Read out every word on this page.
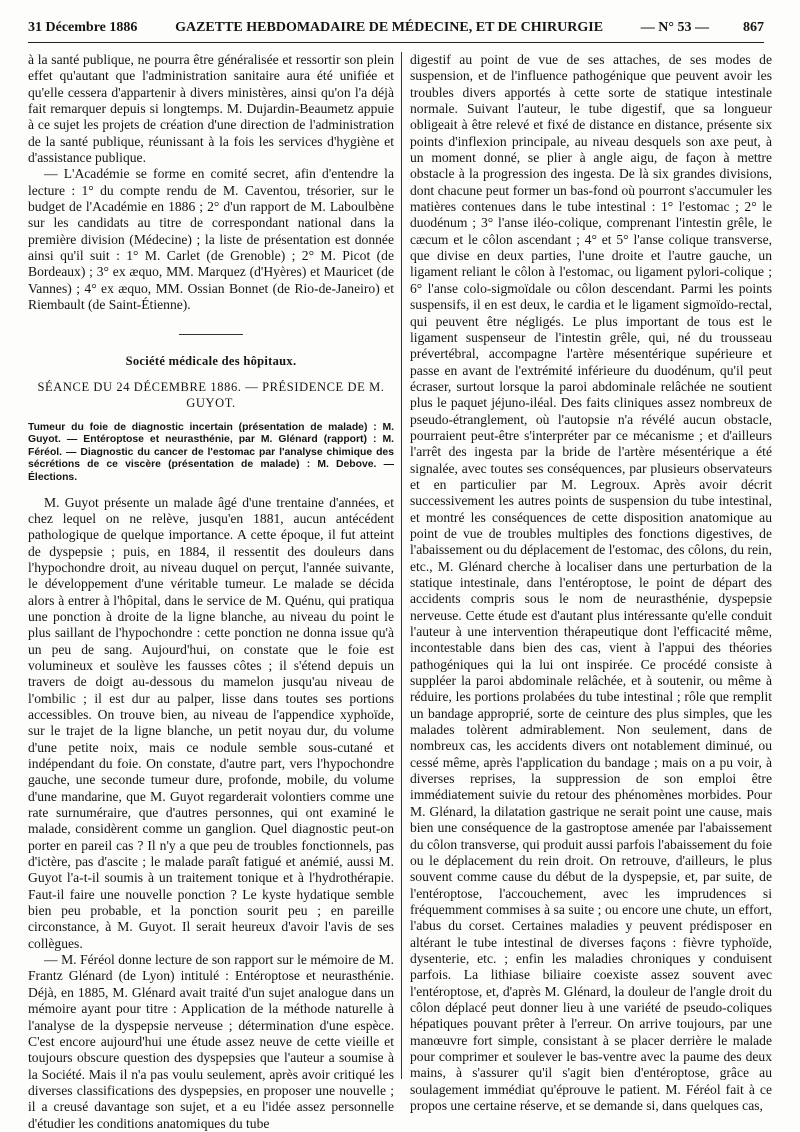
31 Décembre 1886	GAZETTE HEBDOMADAIRE DE MÉDECINE, ET DE CHIRURGIE	— N° 53 — 867

à la santé publique, ne pourra être généralisée et ressortir son plein effet qu'autant que l'administration sanitaire aura été unifiée et qu'elle cessera d'appartenir à divers ministères, ainsi qu'on l'a déjà fait remarquer depuis si longtemps. M. Dujardin-Beaumetz appuie à ce sujet les projets de création d'une direction de l'administration de la santé publique, réunissant à la fois les services d'hygiène et d'assistance publique.

— L'Académie se forme en comité secret, afin d'entendre la lecture : 1° du compte rendu de M. Caventou, trésorier, sur le budget de l'Académie en 1886 ; 2° d'un rapport de M. Laboulbène sur les candidats au titre de correspondant national dans la première division (Médecine) ; la liste de présentation est donnée ainsi qu'il suit : 1° M. Carlet (de Grenoble) ; 2° M. Picot (de Bordeaux) ; 3° ex æquo, MM. Marquez (d'Hyères) et Mauricet (de Vannes) ; 4° ex æquo, MM. Ossian Bonnet (de Rio-de-Janeiro) et Riembault (de Saint-Étienne).

Société médicale des hôpitaux.
SÉANCE DU 24 DÉCEMBRE 1886. — PRÉSIDENCE DE M. GUYOT.
Tumeur du foie de diagnostic incertain (présentation de malade) : M. Guyot. — Entéroptose et neurasthénie, par M. Glénard (rapport) : M. Féréol. — Diagnostic du cancer de l'estomac par l'analyse chimique des sécrétions de ce viscère (présentation de malade) : M. Debove. — Élections.

M. Guyot présente un malade âgé d'une trentaine d'années, et chez lequel on ne relève, jusqu'en 1881, aucun antécédent pathologique de quelque importance. A cette époque, il fut atteint de dyspepsie ; puis, en 1884, il ressentit des douleurs dans l'hypochondre droit, au niveau duquel on perçut, l'année suivante, le développement d'une véritable tumeur. Le malade se décida alors à entrer à l'hôpital, dans le service de M. Quénu, qui pratiqua une ponction à droite de la ligne blanche, au niveau du point le plus saillant de l'hypochondre : cette ponction ne donna issue qu'à un peu de sang. Aujourd'hui, on constate que le foie est volumineux et soulève les fausses côtes ; il s'étend depuis un travers de doigt au-dessous du mamelon jusqu'au niveau de l'ombilic ; il est dur au palper, lisse dans toutes ses portions accessibles. On trouve bien, au niveau de l'appendice xyphoïde, sur le trajet de la ligne blanche, un petit noyau dur, du volume d'une petite noix, mais ce nodule semble sous-cutané et indépendant du foie. On constate, d'autre part, vers l'hypochondre gauche, une seconde tumeur dure, profonde, mobile, du volume d'une mandarine, que M. Guyot regarderait volontiers comme une rate surnuméraire, que d'autres personnes, qui ont examiné le malade, considèrent comme un ganglion. Quel diagnostic peut-on porter en pareil cas ? Il n'y a que peu de troubles fonctionnels, pas d'ictère, pas d'ascite ; le malade paraît fatigué et anémié, aussi M. Guyot l'a-t-il soumis à un traitement tonique et à l'hydrothérapie. Faut-il faire une nouvelle ponction ? Le kyste hydatique semble bien peu probable, et la ponction sourit peu ; en pareille circonstance, à M. Guyot. Il serait heureux d'avoir l'avis de ses collègues.

— M. Féréol donne lecture de son rapport sur le mémoire de M. Frantz Glénard (de Lyon) intitulé : Entéroptose et neurasthénie. Déjà, en 1885, M. Glénard avait traité d'un sujet analogue dans un mémoire ayant pour titre : Application de la méthode naturelle à l'analyse de la dyspepsie nerveuse ; détermination d'une espèce. C'est encore aujourd'hui une étude assez neuve de cette vieille et toujours obscure question des dyspepsies que l'auteur a soumise à la Société. Mais il n'a pas voulu seulement, après avoir critiqué les diverses classifications des dyspepsies, en proposer une nouvelle ; il a creusé davantage son sujet, et a eu l'idée assez personnelle d'étudier les conditions anatomiques du tube

digestif au point de vue de ses attaches, de ses modes de suspension, et de l'influence pathogénique que peuvent avoir les troubles divers apportés à cette sorte de statique intestinale normale. Suivant l'auteur, le tube digestif, que sa longueur obligeait à être relevé et fixé de distance en distance, présente six points d'inflexion principale, au niveau desquels son axe peut, à un moment donné, se plier à angle aigu, de façon à mettre obstacle à la progression des ingesta. De là six grandes divisions, dont chacune peut former un bas-fond où pourront s'accumuler les matières contenues dans le tube intestinal : 1° l'estomac ; 2° le duodénum ; 3° l'anse iléo-colique, comprenant l'intestin grêle, le cæcum et le côlon ascendant ; 4° et 5° l'anse colique transverse, que divise en deux parties, l'une droite et l'autre gauche, un ligament reliant le côlon à l'estomac, ou ligament pylori-colique ; 6° l'anse colo-sigmoïdale ou côlon descendant. Parmi les points suspensifs, il en est deux, le cardia et le ligament sigmoïdo-rectal, qui peuvent être négligés. Le plus important de tous est le ligament suspenseur de l'intestin grêle, qui, né du trousseau prévertébral, accompagne l'artère mésentérique supérieure et passe en avant de l'extrémité inférieure du duodénum, qu'il peut écraser, surtout lorsque la paroi abdominale relâchée ne soutient plus le paquet jéjuno-iléal. Des faits cliniques assez nombreux de pseudo-étranglement, où l'autopsie n'a révélé aucun obstacle, pourraient peut-être s'interpréter par ce mécanisme ; et d'ailleurs l'arrêt des ingesta par la bride de l'artère mésentérique a été signalée, avec toutes ses conséquences, par plusieurs observateurs et en particulier par M. Legroux. Après avoir décrit successivement les autres points de suspension du tube intestinal, et montré les conséquences de cette disposition anatomique au point de vue de troubles multiples des fonctions digestives, de l'abaissement ou du déplacement de l'estomac, des côlons, du rein, etc., M. Glénard cherche à localiser dans une perturbation de la statique intestinale, dans l'entéroptose, le point de départ des accidents compris sous le nom de neurasthénie, dyspepsie nerveuse. Cette étude est d'autant plus intéressante qu'elle conduit l'auteur à une intervention thérapeutique dont l'efficacité même, incontestable dans bien des cas, vient à l'appui des théories pathogéniques qui la lui ont inspirée. Ce procédé consiste à suppléer la paroi abdominale relâchée, et à soutenir, ou même à réduire, les portions prolabées du tube intestinal ; rôle que remplit un bandage approprié, sorte de ceinture des plus simples, que les malades tolèrent admirablement. Non seulement, dans de nombreux cas, les accidents divers ont notablement diminué, ou cessé même, après l'application du bandage ; mais on a pu voir, à diverses reprises, la suppression de son emploi être immédiatement suivie du retour des phénomènes morbides. Pour M. Glénard, la dilatation gastrique ne serait point une cause, mais bien une conséquence de la gastroptose amenée par l'abaissement du côlon transverse, qui produit aussi parfois l'abaissement du foie ou le déplacement du rein droit. On retrouve, d'ailleurs, le plus souvent comme cause du début de la dyspepsie, et, par suite, de l'entéroptose, l'accouchement, avec les imprudences si fréquemment commises à sa suite ; ou encore une chute, un effort, l'abus du corset. Certaines maladies y peuvent prédisposer en altérant le tube intestinal de diverses façons : fièvre typhoïde, dysenterie, etc. ; enfin les maladies chroniques y conduisent parfois. La lithiase biliaire coexiste assez souvent avec l'entéroptose, et, d'après M. Glénard, la douleur de l'angle droit du côlon déplacé peut donner lieu à une variété de pseudo-coliques hépatiques pouvant prêter à l'erreur. On arrive toujours, par une manœuvre fort simple, consistant à se placer derrière le malade pour comprimer et soulever le bas-ventre avec la paume des deux mains, à s'assurer qu'il s'agit bien d'entéroptose, grâce au soulagement immédiat qu'éprouve le patient. M. Féréol fait à ce propos une certaine réserve, et se demande si, dans quelques cas,
